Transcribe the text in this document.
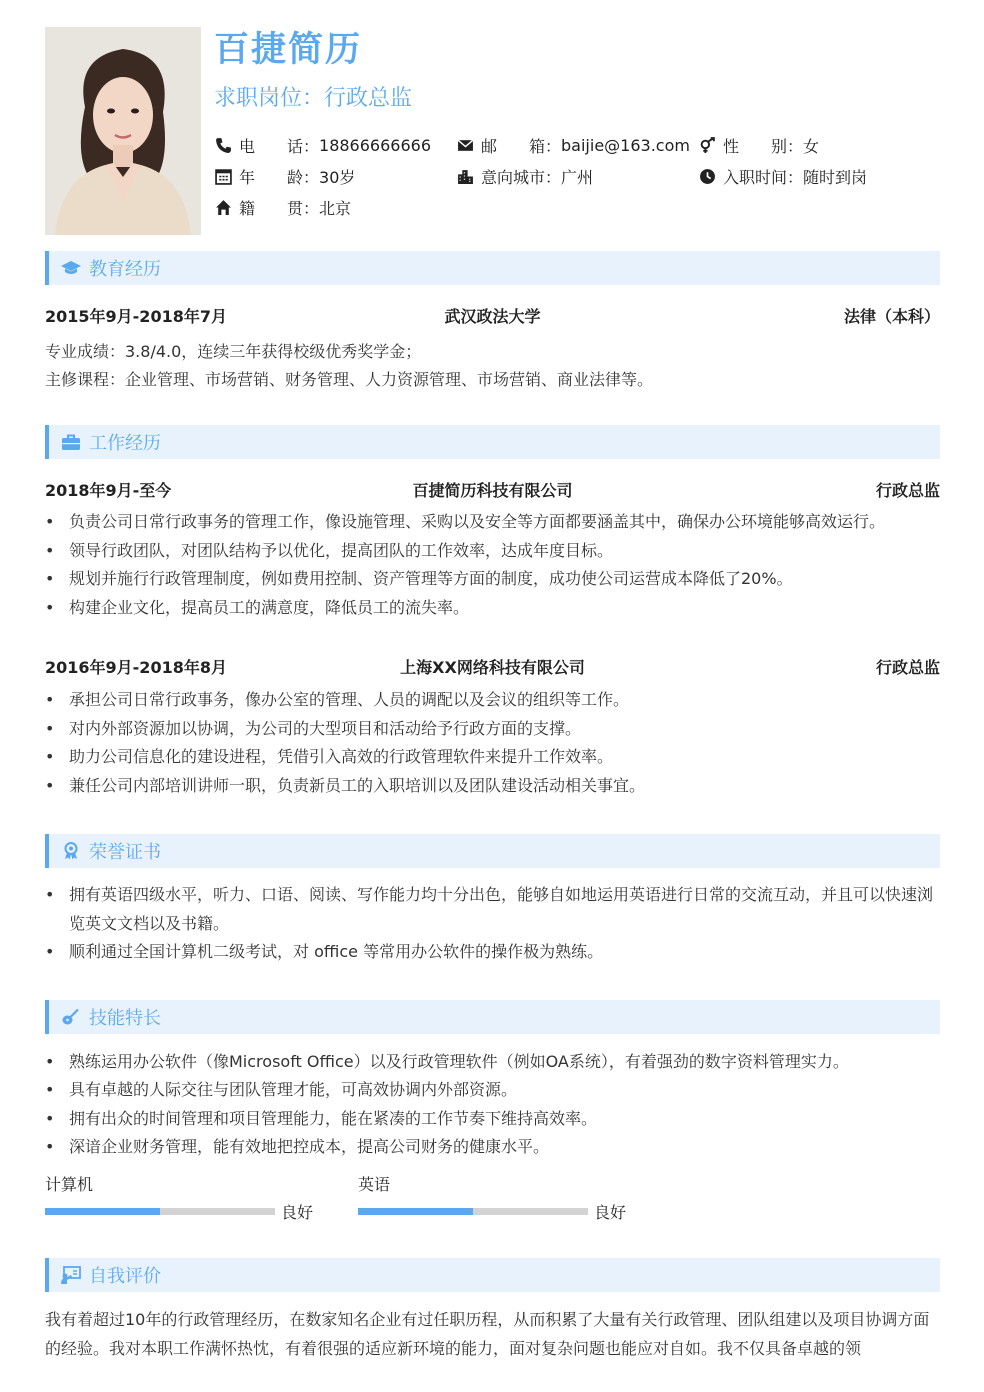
百捷简历
求职岗位：行政总监
电　　话： 18866666666	邮　　箱： baijie@163.com 性　　别： 女
年　　龄： 30岁	意向城市： 广州	入职时间： 随时到岗
籍　　贯： 北京
教育经历
2015年9月-2018年7月	武汉政法大学	法律（本科）
专业成绩：3.8/4.0，连续三年获得校级优秀奖学金；
主修课程：企业管理、市场营销、财务管理、人力资源管理、市场营销、商业法律等。
工作经历
2018年9月-至今	百捷简历科技有限公司	行政总监
• 负责公司日常行政事务的管理工作，像设施管理、采购以及安全等方面都要涵盖其中，确保办公环境能够高效运行。
• 领导行政团队，对团队结构予以优化，提高团队的工作效率，达成年度目标。
• 规划并施行行政管理制度，例如费用控制、资产管理等方面的制度，成功使公司运营成本降低了20%。
• 构建企业文化，提高员工的满意度，降低员工的流失率。
2016年9月-2018年8月	上海XX网络科技有限公司	行政总监
• 承担公司日常行政事务，像办公室的管理、人员的调配以及会议的组织等工作。
• 对内外部资源加以协调，为公司的大型项目和活动给予行政方面的支撑。
• 助力公司信息化的建设进程，凭借引入高效的行政管理软件来提升工作效率。
• 兼任公司内部培训讲师一职，负责新员工的入职培训以及团队建设活动相关事宜。
荣誉证书
• 拥有英语四级水平，听力、口语、阅读、写作能力均十分出色，能够自如地运用英语进行日常的交流互动，并且可以快速浏览英文文档以及书籍。
• 顺利通过全国计算机二级考试，对 office 等常用办公软件的操作极为熟练。
技能特长
• 熟练运用办公软件（像Microsoft Office）以及行政管理软件（例如OA系统），有着强劲的数字资料管理实力。
• 具有卓越的人际交往与团队管理才能，可高效协调内外部资源。
• 拥有出众的时间管理和项目管理能力，能在紧凑的工作节奏下维持高效率。
• 深谙企业财务管理，能有效地把控成本，提高公司财务的健康水平。
计算机
良好
英语
良好
自我评价
我有着超过10年的行政管理经历，在数家知名企业有过任职历程，从而积累了大量有关行政管理、团队组建以及项目协调方面的经验。我对本职工作满怀热忱，有着很强的适应新环境的能力，面对复杂问题也能应对自如。我不仅具备卓越的领
